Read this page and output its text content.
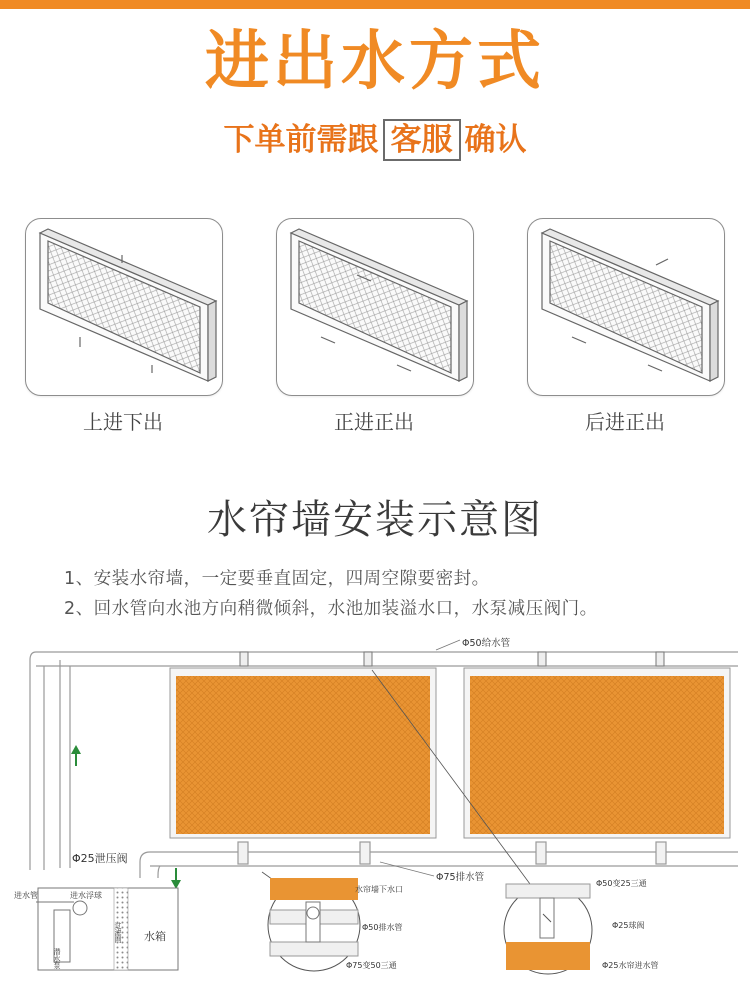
进出水方式
下单前需跟 客服 确认
上进下出	正进正出	后进正出
水帘墙安装示意图
1、安装水帘墙，一定要垂直固定，四周空隙要密封。
2、回水管向水池方向稍微倾斜，水池加装溢水口，水泵减压阀门。
Φ50给水管
Φ75排水管
Φ25泄压阀
进水管	进水浮球
潜水泵
过滤网 水箱
水帘墙下水口
Φ50排水管
Φ75变50三通
Φ50变25三通
Φ25球阀
Φ25水帘进水管
